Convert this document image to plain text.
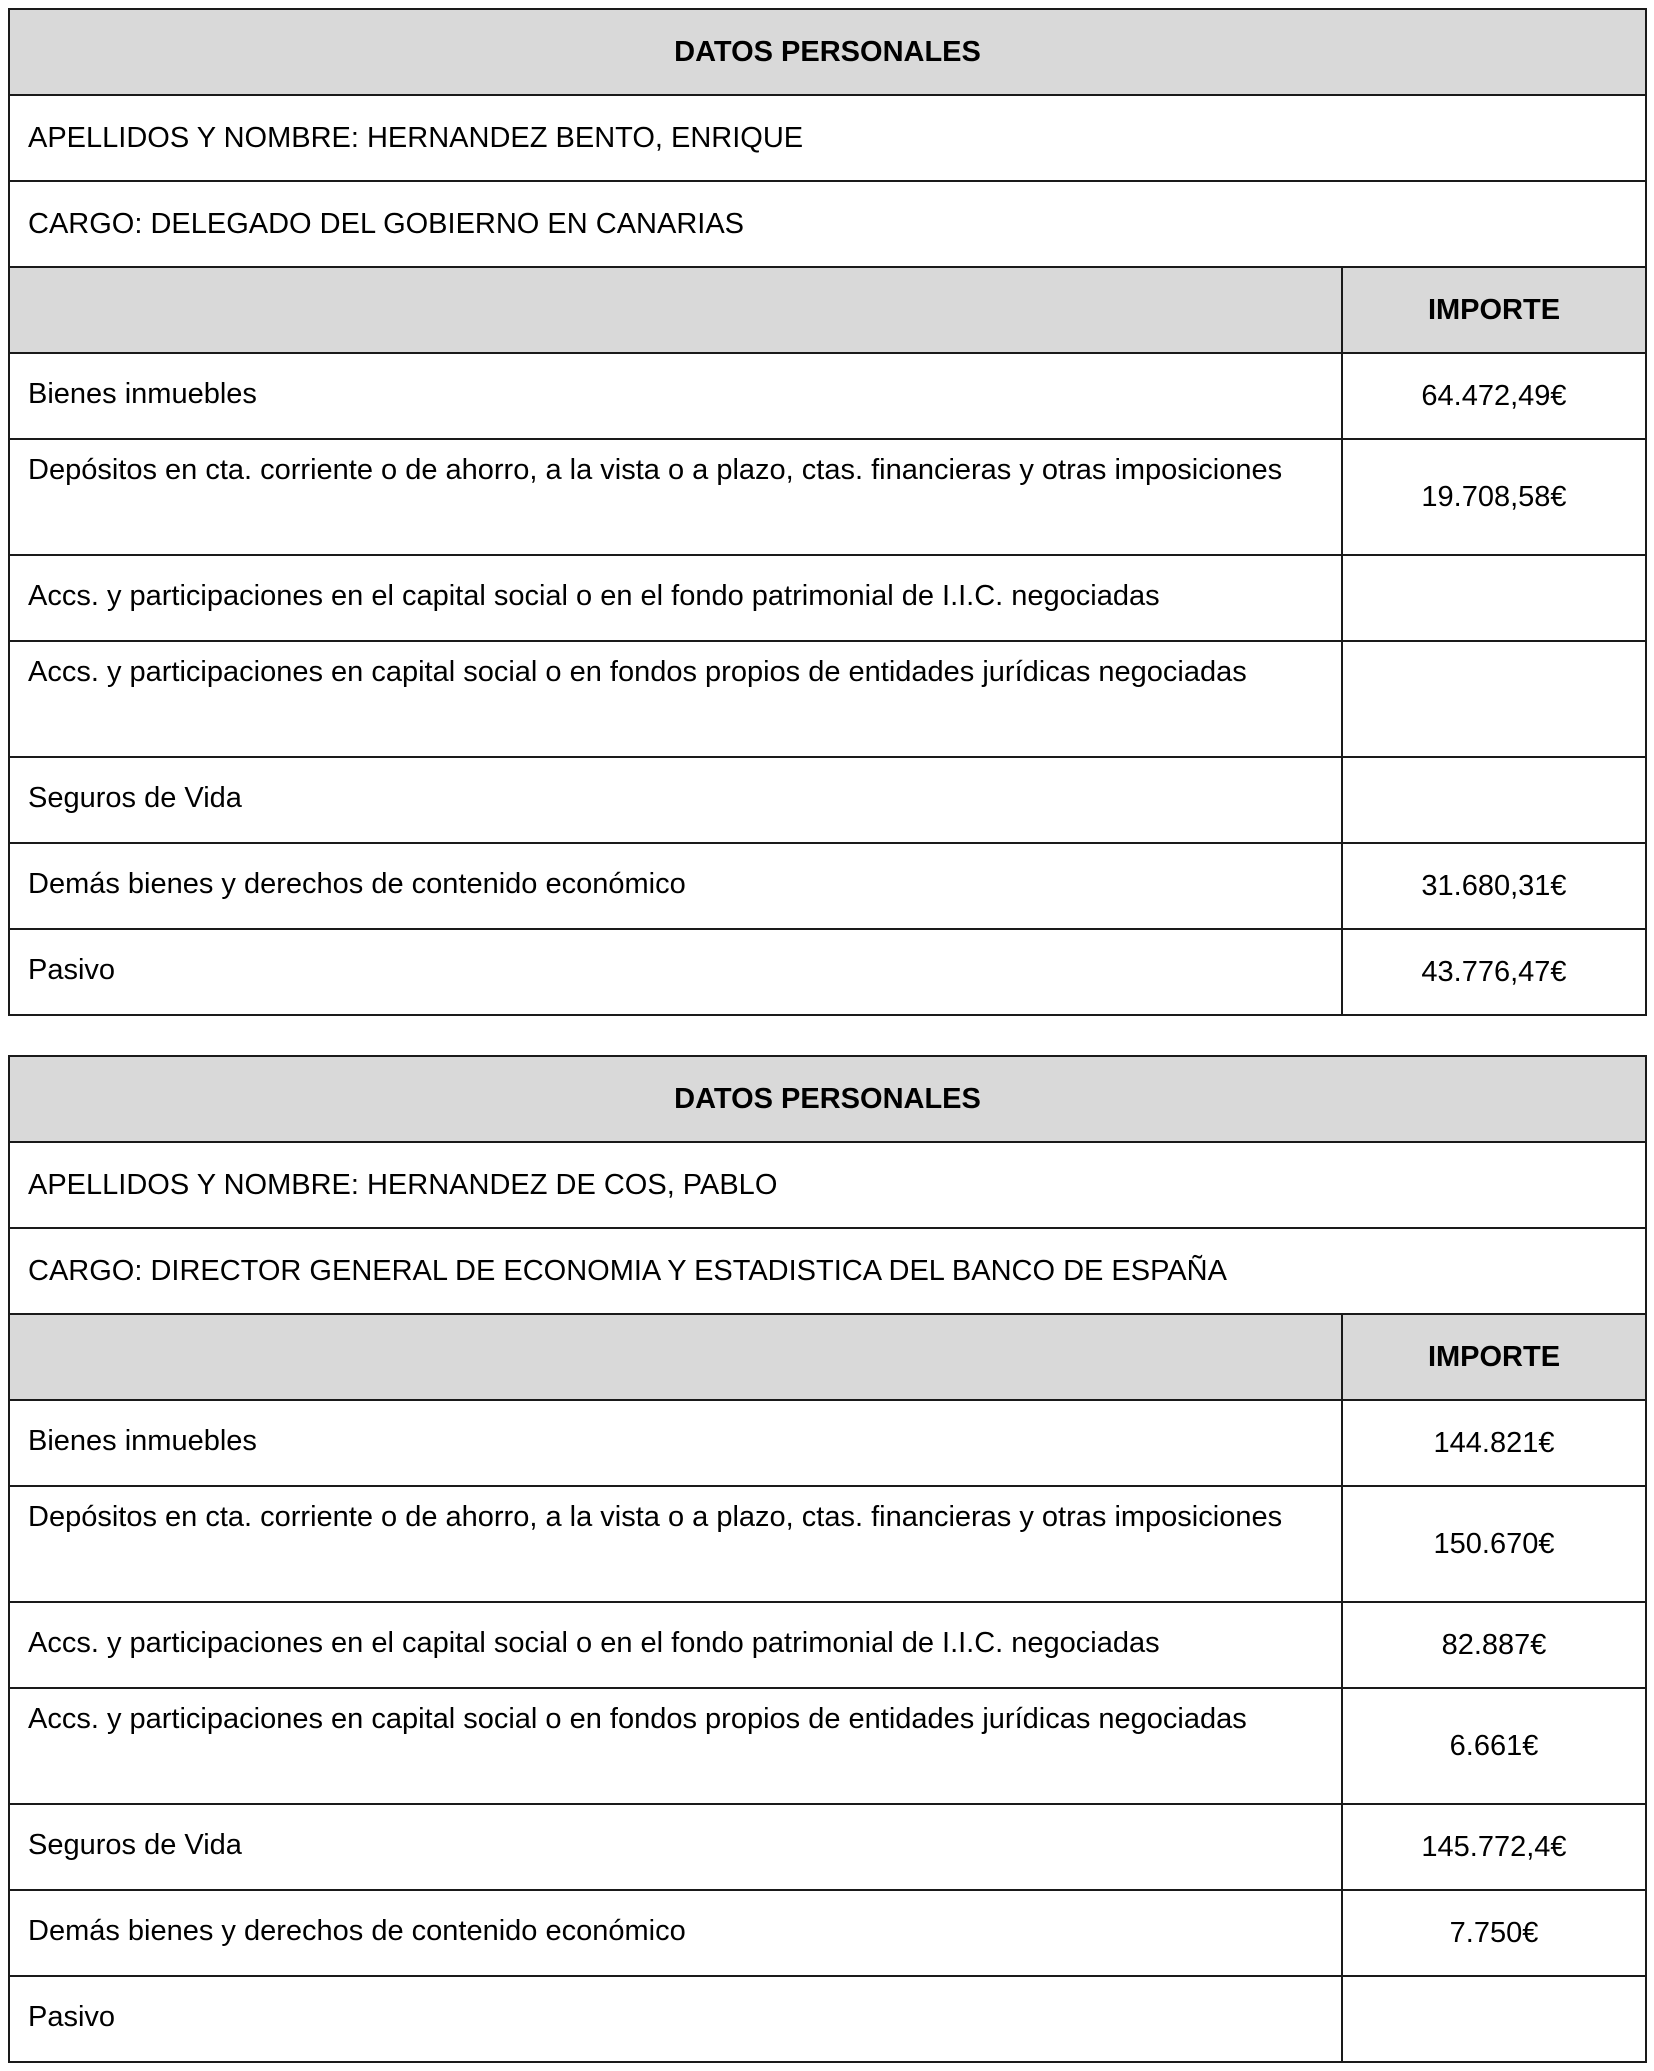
DATOS PERSONALES	
APELLIDOS Y NOMBRE: HERNANDEZ BENTO, ENRIQUE	
CARGO: DELEGADO DEL GOBIERNO EN CANARIAS	
	IMPORTE
Bienes inmuebles	64.472,49€
Depósitos en cta. corriente o de ahorro, a la vista o a plazo, ctas. financieras y otras imposiciones	19.708,58€
Accs. y participaciones en el capital social o en el fondo patrimonial de I.I.C. negociadas	
Accs. y participaciones en capital social o en fondos propios de entidades jurídicas negociadas	
Seguros de Vida	
Demás bienes y derechos de contenido económico	31.680,31€
Pasivo	43.776,47€
DATOS PERSONALES	
APELLIDOS Y NOMBRE: HERNANDEZ DE COS, PABLO	
CARGO: DIRECTOR GENERAL DE ECONOMIA Y ESTADISTICA DEL BANCO DE ESPAÑA	
	IMPORTE
Bienes inmuebles	144.821€
Depósitos en cta. corriente o de ahorro, a la vista o a plazo, ctas. financieras y otras imposiciones	150.670€
Accs. y participaciones en el capital social o en el fondo patrimonial de I.I.C. negociadas	82.887€
Accs. y participaciones en capital social o en fondos propios de entidades jurídicas negociadas	6.661€
Seguros de Vida	145.772,4€
Demás bienes y derechos de contenido económico	7.750€
Pasivo	
